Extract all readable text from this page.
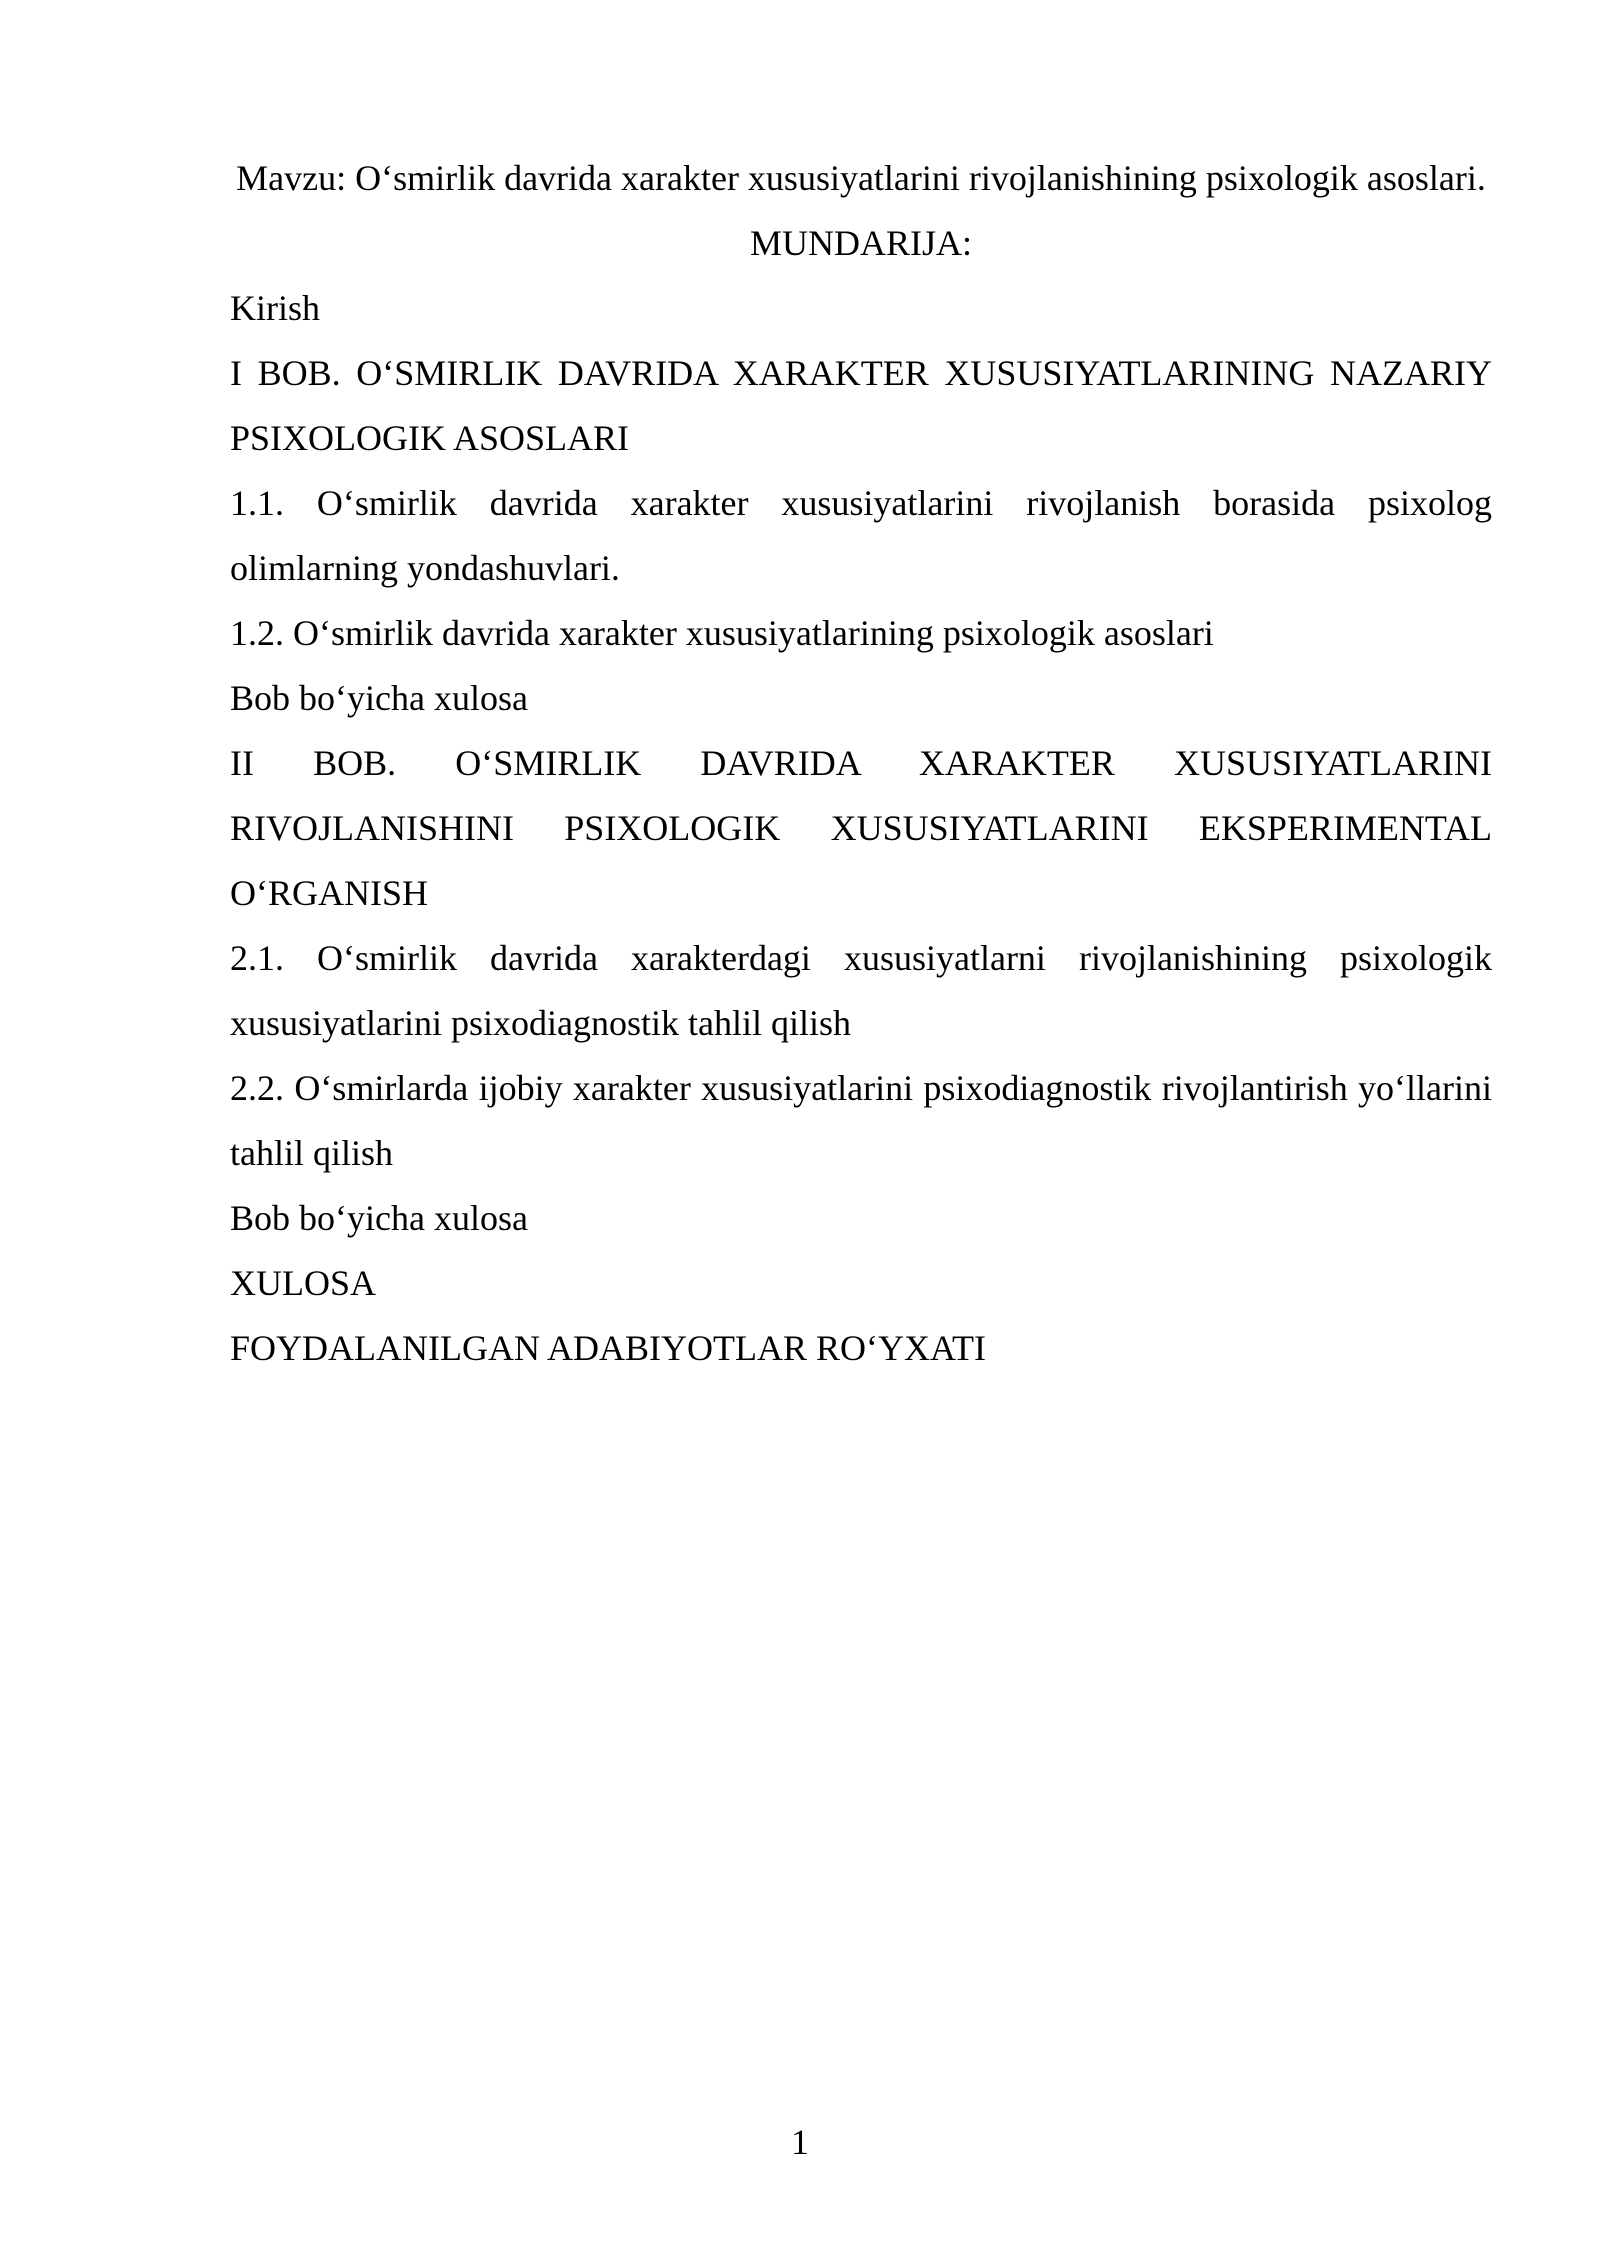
Mavzu: O‘smirlik davrida xarakter xususiyatlarini rivojlanishining psixologik asoslari.
MUNDARIJA:
Kirish
I BOB. O‘SMIRLIK DAVRIDA XARAKTER XUSUSIYATLARINING NAZARIY PSIXOLOGIK ASOSLARI
1.1. O‘smirlik davrida xarakter xususiyatlarini rivojlanish borasida psixolog olimlarning yondashuvlari.
1.2. O‘smirlik davrida xarakter xususiyatlarining psixologik asoslari
Bob bo‘yicha xulosa
II BOB. O‘SMIRLIK DAVRIDA XARAKTER XUSUSIYATLARINI RIVOJLANISHINI PSIXOLOGIK XUSUSIYATLARINI EKSPERIMENTAL O‘RGANISH
2.1. O‘smirlik davrida xarakterdagi xususiyatlarni rivojlanishining psixologik xususiyatlarini psixodiagnostik tahlil qilish
2.2. O‘smirlarda ijobiy xarakter xususiyatlarini psixodiagnostik rivojlantirish yo‘llarini tahlil qilish
Bob bo‘yicha xulosa
XULOSA
FOYDALANILGAN ADABIYOTLAR RO‘YXATI
1
